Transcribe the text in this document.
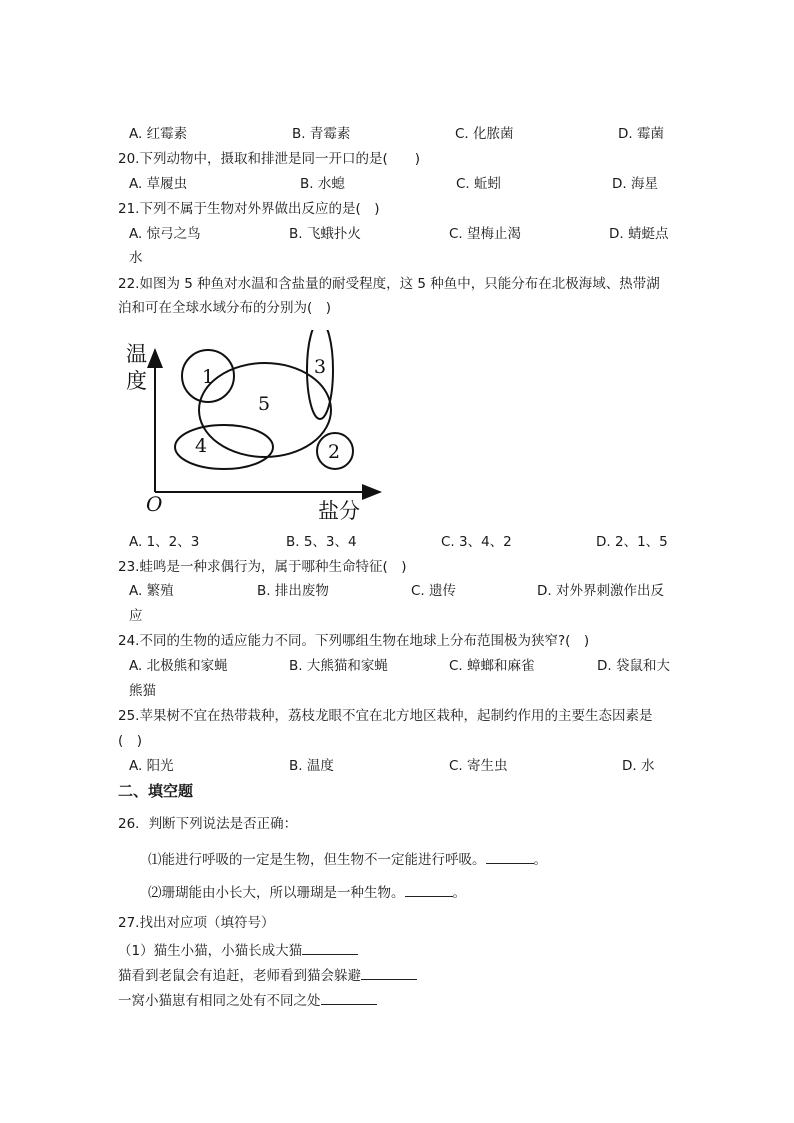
A. 红霉素	B. 青霉素	C. 化脓菌	D. 霉菌
20.下列动物中，摄取和排泄是同一开口的是(　　)
A. 草履虫	B. 水螅	C. 蚯蚓	D. 海星
21.下列不属于生物对外界做出反应的是(　)
A. 惊弓之鸟	B. 飞蛾扑火	C. 望梅止渴	D. 蜻蜓点
水
22.如图为 5 种鱼对水温和含盐量的耐受程度，这 5 种鱼中，只能分布在北极海域、热带湖
泊和可在全球水域分布的分别为(　)
温
度
O	盐分
1
5
3
4	2
A. 1、2、3	B. 5、3、4	C. 3、4、2	D. 2、1、5
23.蛙鸣是一种求偶行为，属于哪种生命特征(　)
A. 繁殖	B. 排出废物	C. 遗传	D. 对外界刺激作出反
应
24.不同的生物的适应能力不同。下列哪组生物在地球上分布范围极为狭窄?(　)
A. 北极熊和家蝇	B. 大熊猫和家蝇	C. 蟑螂和麻雀	D. 袋鼠和大
熊猫
25.苹果树不宜在热带栽种，荔枝龙眼不宜在北方地区栽种，起制约作用的主要生态因素是
(　)
A. 阳光	B. 温度	C. 寄生虫	D. 水
二、填空题
26．判断下列说法是否正确：
⑴能进行呼吸的一定是生物，但生物不一定能进行呼吸。	。
⑵珊瑚能由小长大，所以珊瑚是一种生物。	。
27.找出对应项（填符号）
（1）猫生小猫，小猫长成大猫
猫看到老鼠会有追赶，老师看到猫会躲避
一窝小猫崽有相同之处有不同之处
